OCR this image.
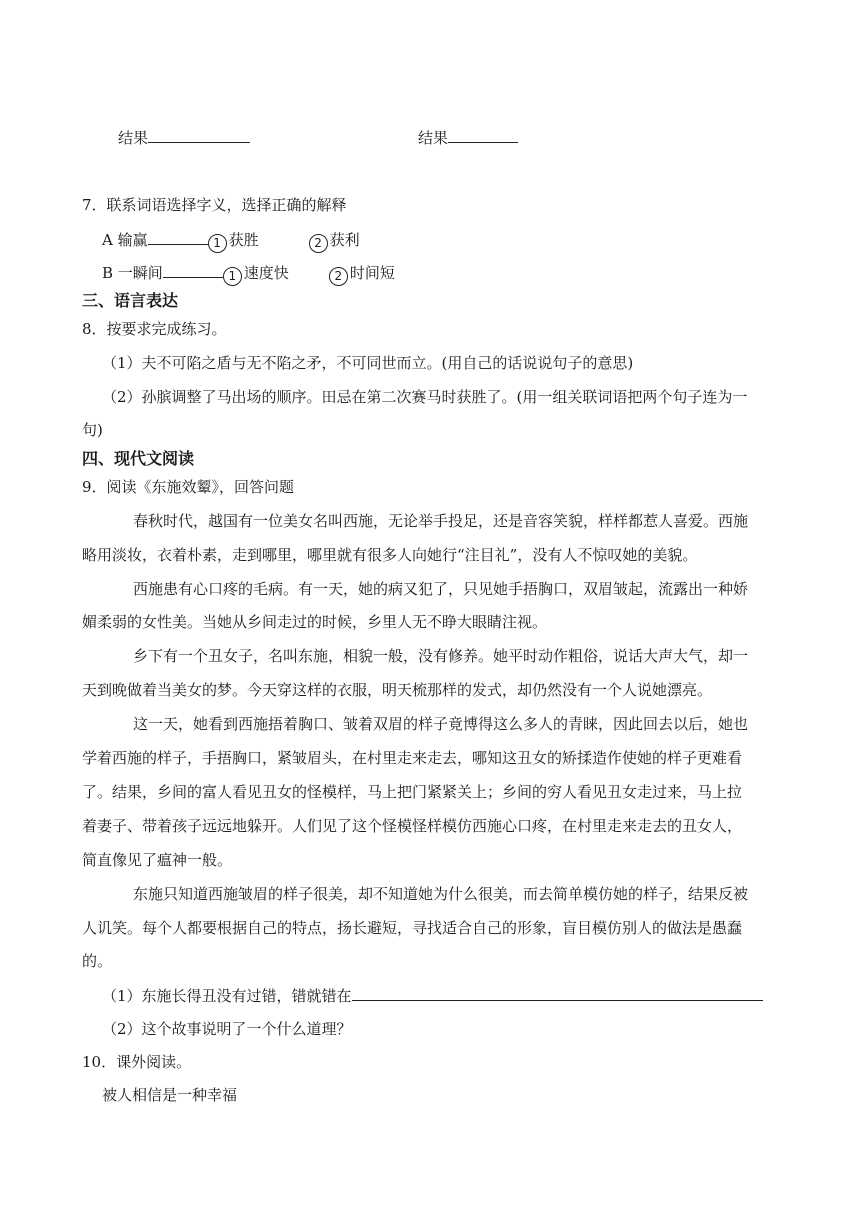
结果	结果
7．联系词语选择字义，选择正确的解释
A 输赢	1 获胜	2 获利
B 一瞬间	1 速度快	2 时间短
三、语言表达
8．按要求完成练习。
（1）夫不可陷之盾与无不陷之矛，不可同世而立。(用自己的话说说句子的意思)
（2）孙膑调整了马出场的顺序。田忌在第二次赛马时获胜了。(用一组关联词语把两个句子连为一
句)
四、现代文阅读
9．阅读《东施效颦》，回答问题
春秋时代，越国有一位美女名叫西施，无论举手投足，还是音容笑貌，样样都惹人喜爱。西施
略用淡妆，衣着朴素，走到哪里，哪里就有很多人向她行“注目礼”，没有人不惊叹她的美貌。
西施患有心口疼的毛病。有一天，她的病又犯了，只见她手捂胸口，双眉皱起，流露出一种娇
媚柔弱的女性美。当她从乡间走过的时候，乡里人无不睁大眼睛注视。
乡下有一个丑女子，名叫东施，相貌一般，没有修养。她平时动作粗俗，说话大声大气，却一
天到晚做着当美女的梦。今天穿这样的衣服，明天梳那样的发式，却仍然没有一个人说她漂亮。
这一天，她看到西施捂着胸口、皱着双眉的样子竟博得这么多人的青睐，因此回去以后，她也
学着西施的样子，手捂胸口，紧皱眉头，在村里走来走去，哪知这丑女的矫揉造作使她的样子更难看
了。结果，乡间的富人看见丑女的怪模样，马上把门紧紧关上；乡间的穷人看见丑女走过来，马上拉
着妻子、带着孩子远远地躲开。人们见了这个怪模怪样模仿西施心口疼，在村里走来走去的丑女人，
简直像见了瘟神一般。
东施只知道西施皱眉的样子很美，却不知道她为什么很美，而去简单模仿她的样子，结果反被
人讥笑。每个人都要根据自己的特点，扬长避短，寻找适合自己的形象，盲目模仿别人的做法是愚蠢
的。
（1）东施长得丑没有过错，错就错在
（2）这个故事说明了一个什么道理？
10．课外阅读。
被人相信是一种幸福
